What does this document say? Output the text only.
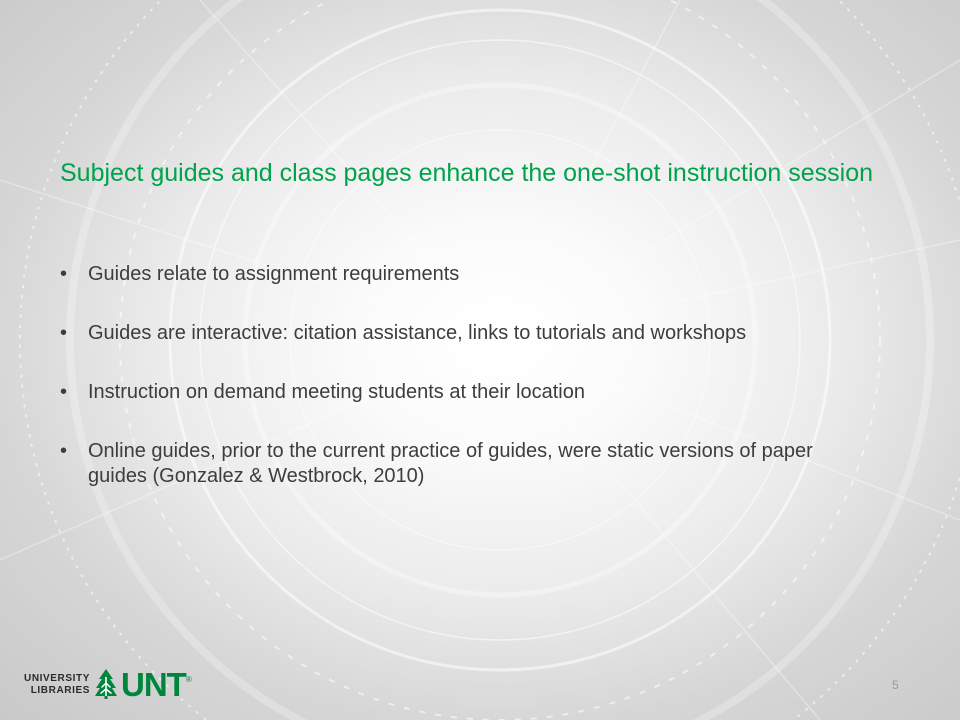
Subject guides and class pages enhance the one-shot instruction session
• Guides relate to assignment requirements
• Guides are interactive: citation assistance, links to tutorials and workshops
• Instruction on demand meeting students at their location
• Online guides, prior to the current practice of guides, were static versions of paper guides (Gonzalez & Westbrock, 2010)
UNIVERSITY
LIBRARIES UNT ®	5
